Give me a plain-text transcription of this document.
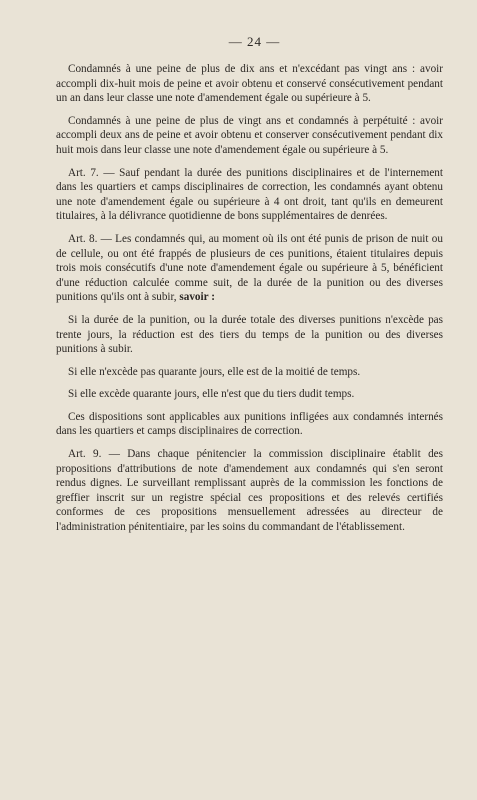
— 24 —

Condamnés à une peine de plus de dix ans et n'excédant pas vingt ans : avoir accompli dix-huit mois de peine et avoir obtenu et conservé consécutivement pendant un an dans leur classe une note d'amendement égale ou supérieure à 5.

Condamnés à une peine de plus de vingt ans et condamnés à perpétuité : avoir accompli deux ans de peine et avoir obtenu et conserver consécutivement pendant dix huit mois dans leur classe une note d'amendement égale ou supérieure à 5.

Art. 7. — Sauf pendant la durée des punitions disciplinaires et de l'internement dans les quartiers et camps disciplinaires de correction, les condamnés ayant obtenu une note d'amendement égale ou supérieure à 4 ont droit, tant qu'ils en demeurent titulaires, à la délivrance quotidienne de bons supplémentaires de denrées.

Art. 8. — Les condamnés qui, au moment où ils ont été punis de prison de nuit ou de cellule, ou ont été frappés de plusieurs de ces punitions, étaient titulaires depuis trois mois consécutifs d'une note d'amendement égale ou supérieure à 5, bénéficient d'une réduction calculée comme suit, de la durée de la punition ou des diverses punitions qu'ils ont à subir, savoir :

Si la durée de la punition, ou la durée totale des diverses punitions n'excède pas trente jours, la réduction est des tiers du temps de la punition ou des diverses punitions à subir.

Si elle n'excède pas quarante jours, elle est de la moitié de temps.

Si elle excède quarante jours, elle n'est que du tiers dudit temps.

Ces dispositions sont applicables aux punitions infligées aux condamnés internés dans les quartiers et camps disciplinaires de correction.

Art. 9. — Dans chaque pénitencier la commission disciplinaire établit des propositions d'attributions de note d'amendement aux condamnés qui s'en seront rendus dignes. Le surveillant remplissant auprès de la commission les fonctions de greffier inscrit sur un registre spécial ces propositions et des relevés certifiés conformes de ces propositions mensuellement adressées au directeur de l'administration pénitentiaire, par les soins du commandant de l'établissement.
